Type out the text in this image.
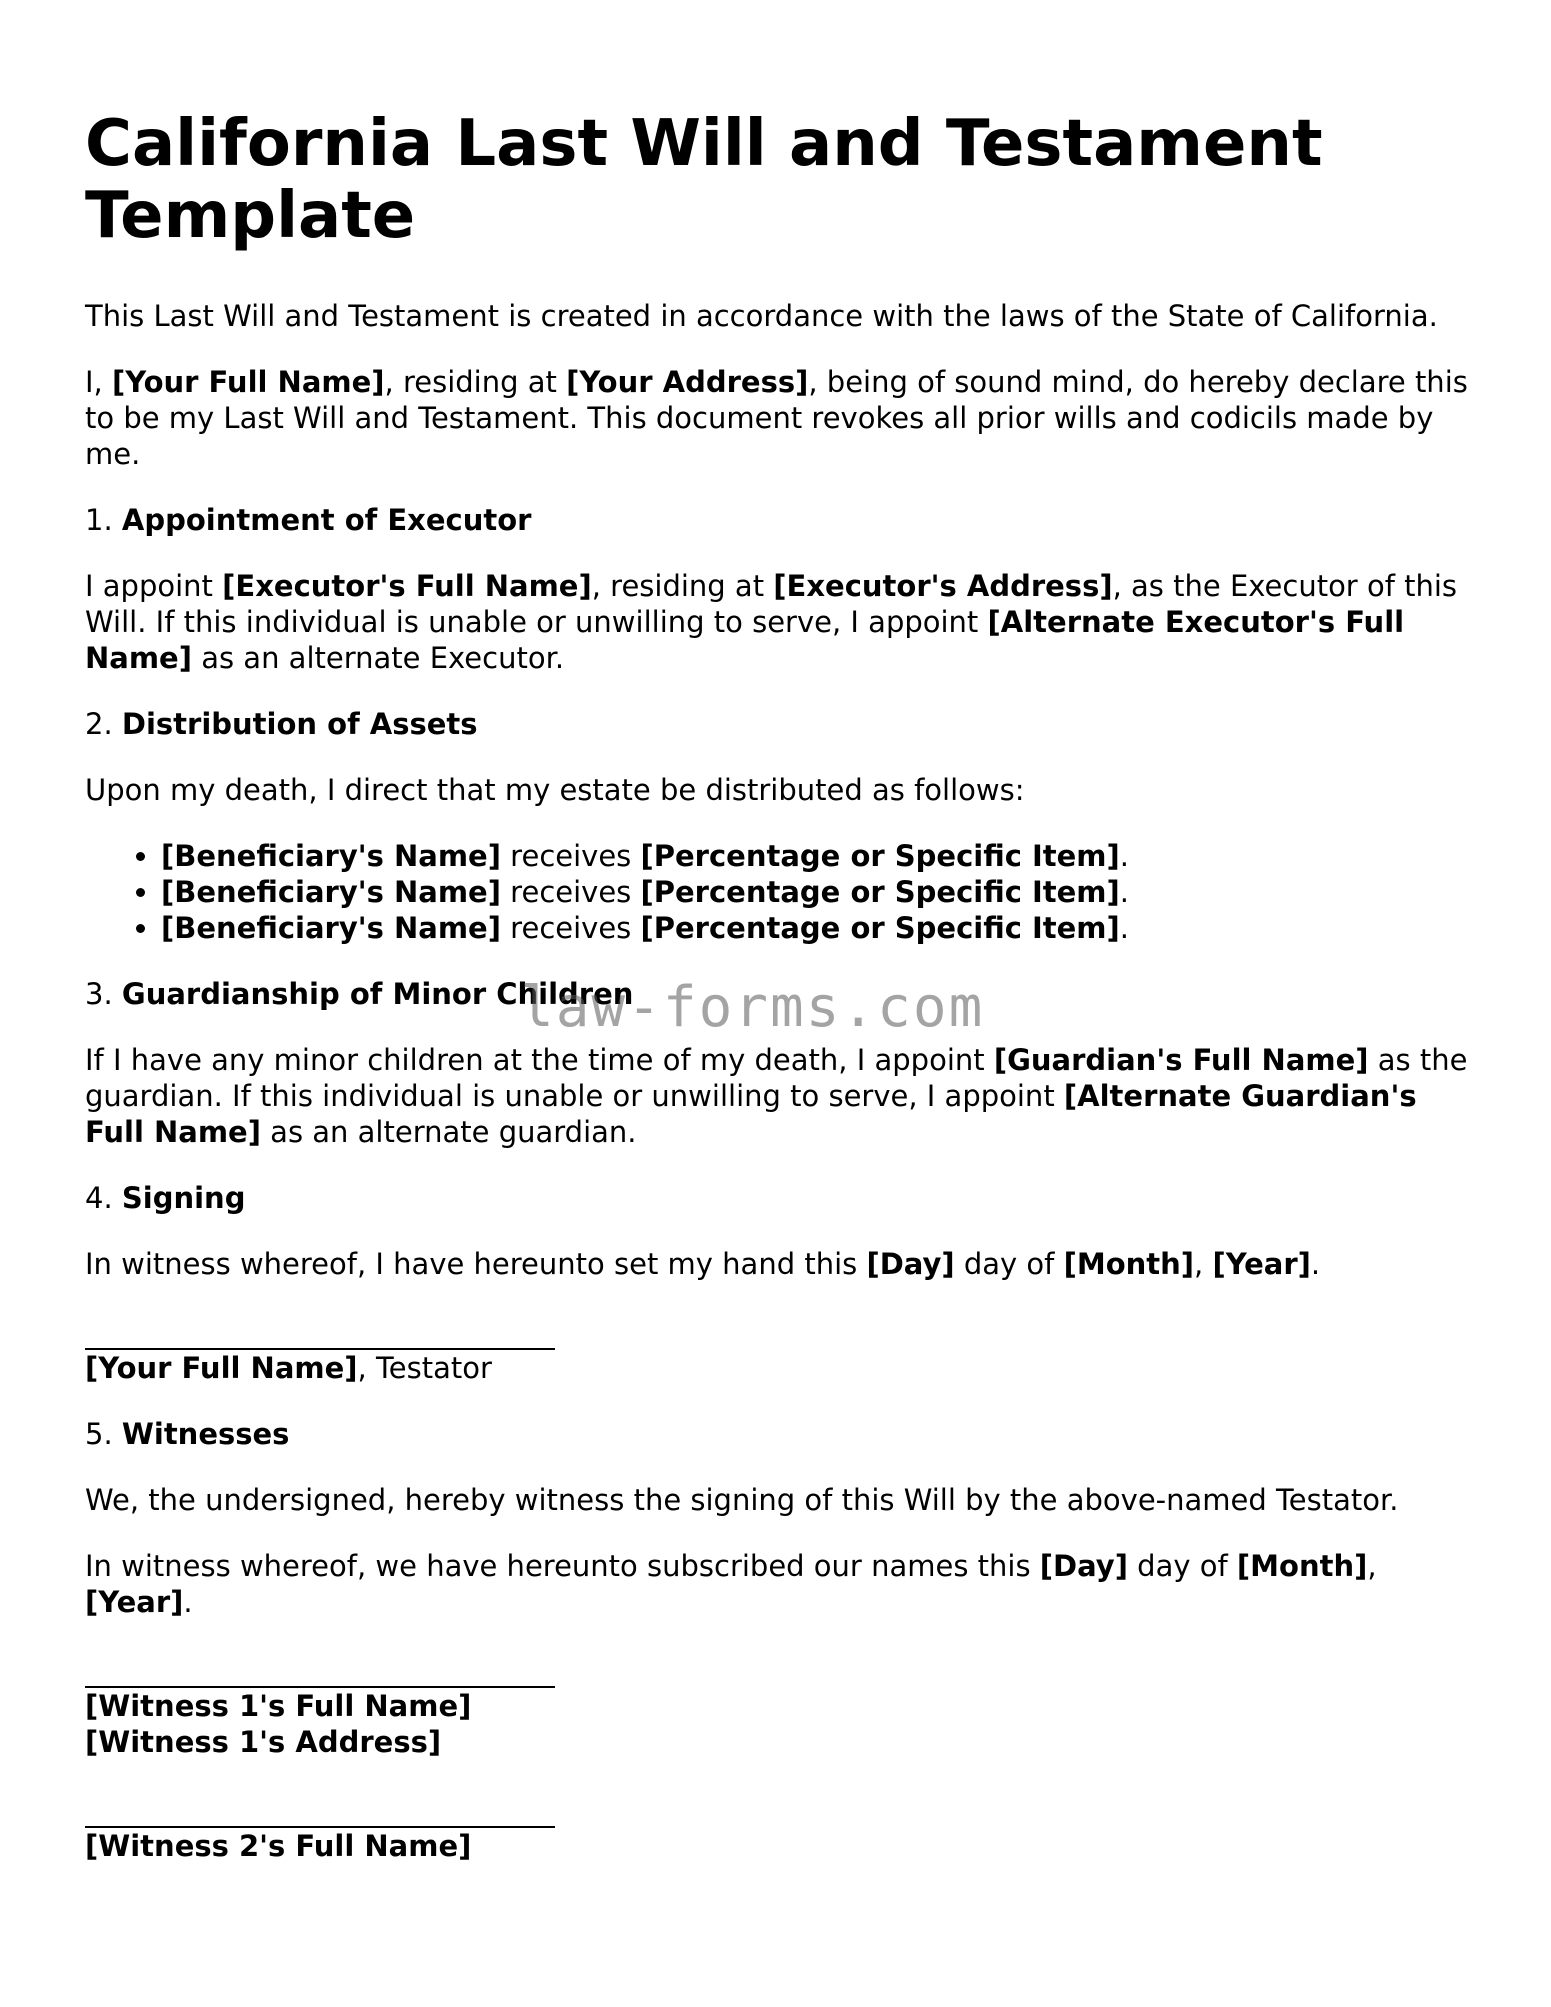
California Last Will and Testament Template

This Last Will and Testament is created in accordance with the laws of the State of California.

I, [Your Full Name], residing at [Your Address], being of sound mind, do hereby declare this to be my Last Will and Testament. This document revokes all prior wills and codicils made by me.

1. Appointment of Executor

I appoint [Executor's Full Name], residing at [Executor's Address], as the Executor of this Will. If this individual is unable or unwilling to serve, I appoint [Alternate Executor's Full Name] as an alternate Executor.

2. Distribution of Assets

Upon my death, I direct that my estate be distributed as follows:

• [Beneficiary's Name] receives [Percentage or Specific Item].
• [Beneficiary's Name] receives [Percentage or Specific Item].
• [Beneficiary's Name] receives [Percentage or Specific Item].

3. Guardianship of Minor Children

If I have any minor children at the time of my death, I appoint [Guardian's Full Name] as the guardian. If this individual is unable or unwilling to serve, I appoint [Alternate Guardian's Full Name] as an alternate guardian.

4. Signing

In witness whereof, I have hereunto set my hand this [Day] day of [Month], [Year].

[Your Full Name], Testator

5. Witnesses

We, the undersigned, hereby witness the signing of this Will by the above-named Testator.

In witness whereof, we have hereunto subscribed our names this [Day] day of [Month], [Year].

[Witness 1's Full Name]
[Witness 1's Address]
[Witness 2's Full Name]
law-forms.com
